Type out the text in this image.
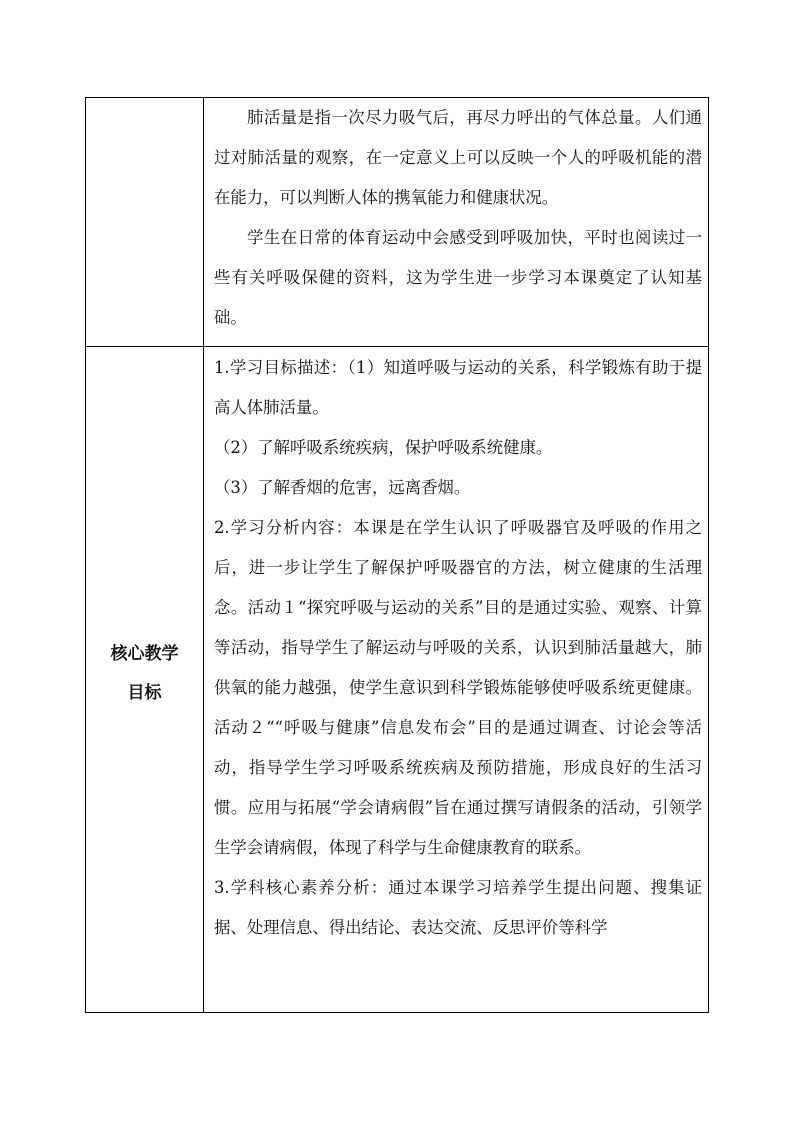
肺活量是指一次尽力吸气后，再尽力呼出的气体总量。人们通过对肺活量的观察，在一定意义上可以反映一个人的呼吸机能的潜在能力，可以判断人体的携氧能力和健康状况。

学生在日常的体育运动中会感受到呼吸加快，平时也阅读过一些有关呼吸保健的资料，这为学生进一步学习本课奠定了认知基础。

核心教学
目标

1.学习目标描述：（1）知道呼吸与运动的关系，科学锻炼有助于提高人体肺活量。

（2）了解呼吸系统疾病，保护呼吸系统健康。

（3）了解香烟的危害，远离香烟。

2.学习分析内容：本课是在学生认识了呼吸器官及呼吸的作用之后，进一步让学生了解保护呼吸器官的方法，树立健康的生活理念。活动１“探究呼吸与运动的关系”目的是通过实验、观察、计算等活动，指导学生了解运动与呼吸的关系，认识到肺活量越大，肺供氧的能力越强，使学生意识到科学锻炼能够使呼吸系统更健康。活动２““呼吸与健康”信息发布会”目的是通过调查、讨论会等活动，指导学生学习呼吸系统疾病及预防措施，形成良好的生活习惯。应用与拓展“学会请病假”旨在通过撰写请假条的活动，引领学生学会请病假，体现了科学与生命健康教育的联系。

3.学科核心素养分析：通过本课学习培养学生提出问题、搜集证据、处理信息、得出结论、表达交流、反思评价等科学
